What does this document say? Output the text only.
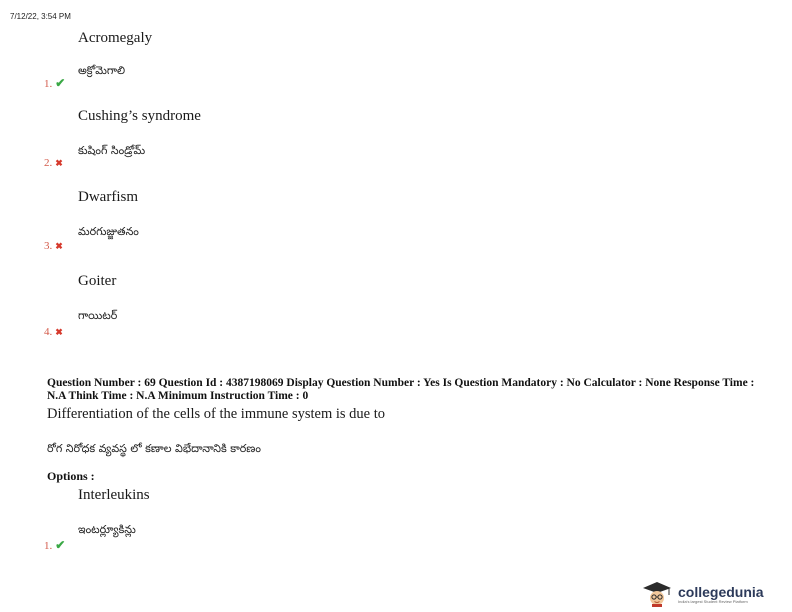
7/12/22, 3:54 PM
Acromegaly
అక్రోమెగాలి
1. ✔
Cushing’s syndrome
కుషింగ్ సిండ్రోమ్
2. ✖
Dwarfism
మరగుజ్జుతనం
3. ✖
Goiter
గాయిటర్
4. ✖
Question Number : 69 Question Id : 4387198069 Display Question Number : Yes Is Question Mandatory : No Calculator : None Response Time : N.A Think Time : N.A Minimum Instruction Time : 0
Differentiation of the cells of the immune system is due to
రోగ నిరోధక వ్యవస్థ లో కణాల విభేదానానికి కారణం
Options :
Interleukins
ఇంటర్ల్యూకిన్లు
1. ✔
collegedunia
India's largest Student Review Platform
